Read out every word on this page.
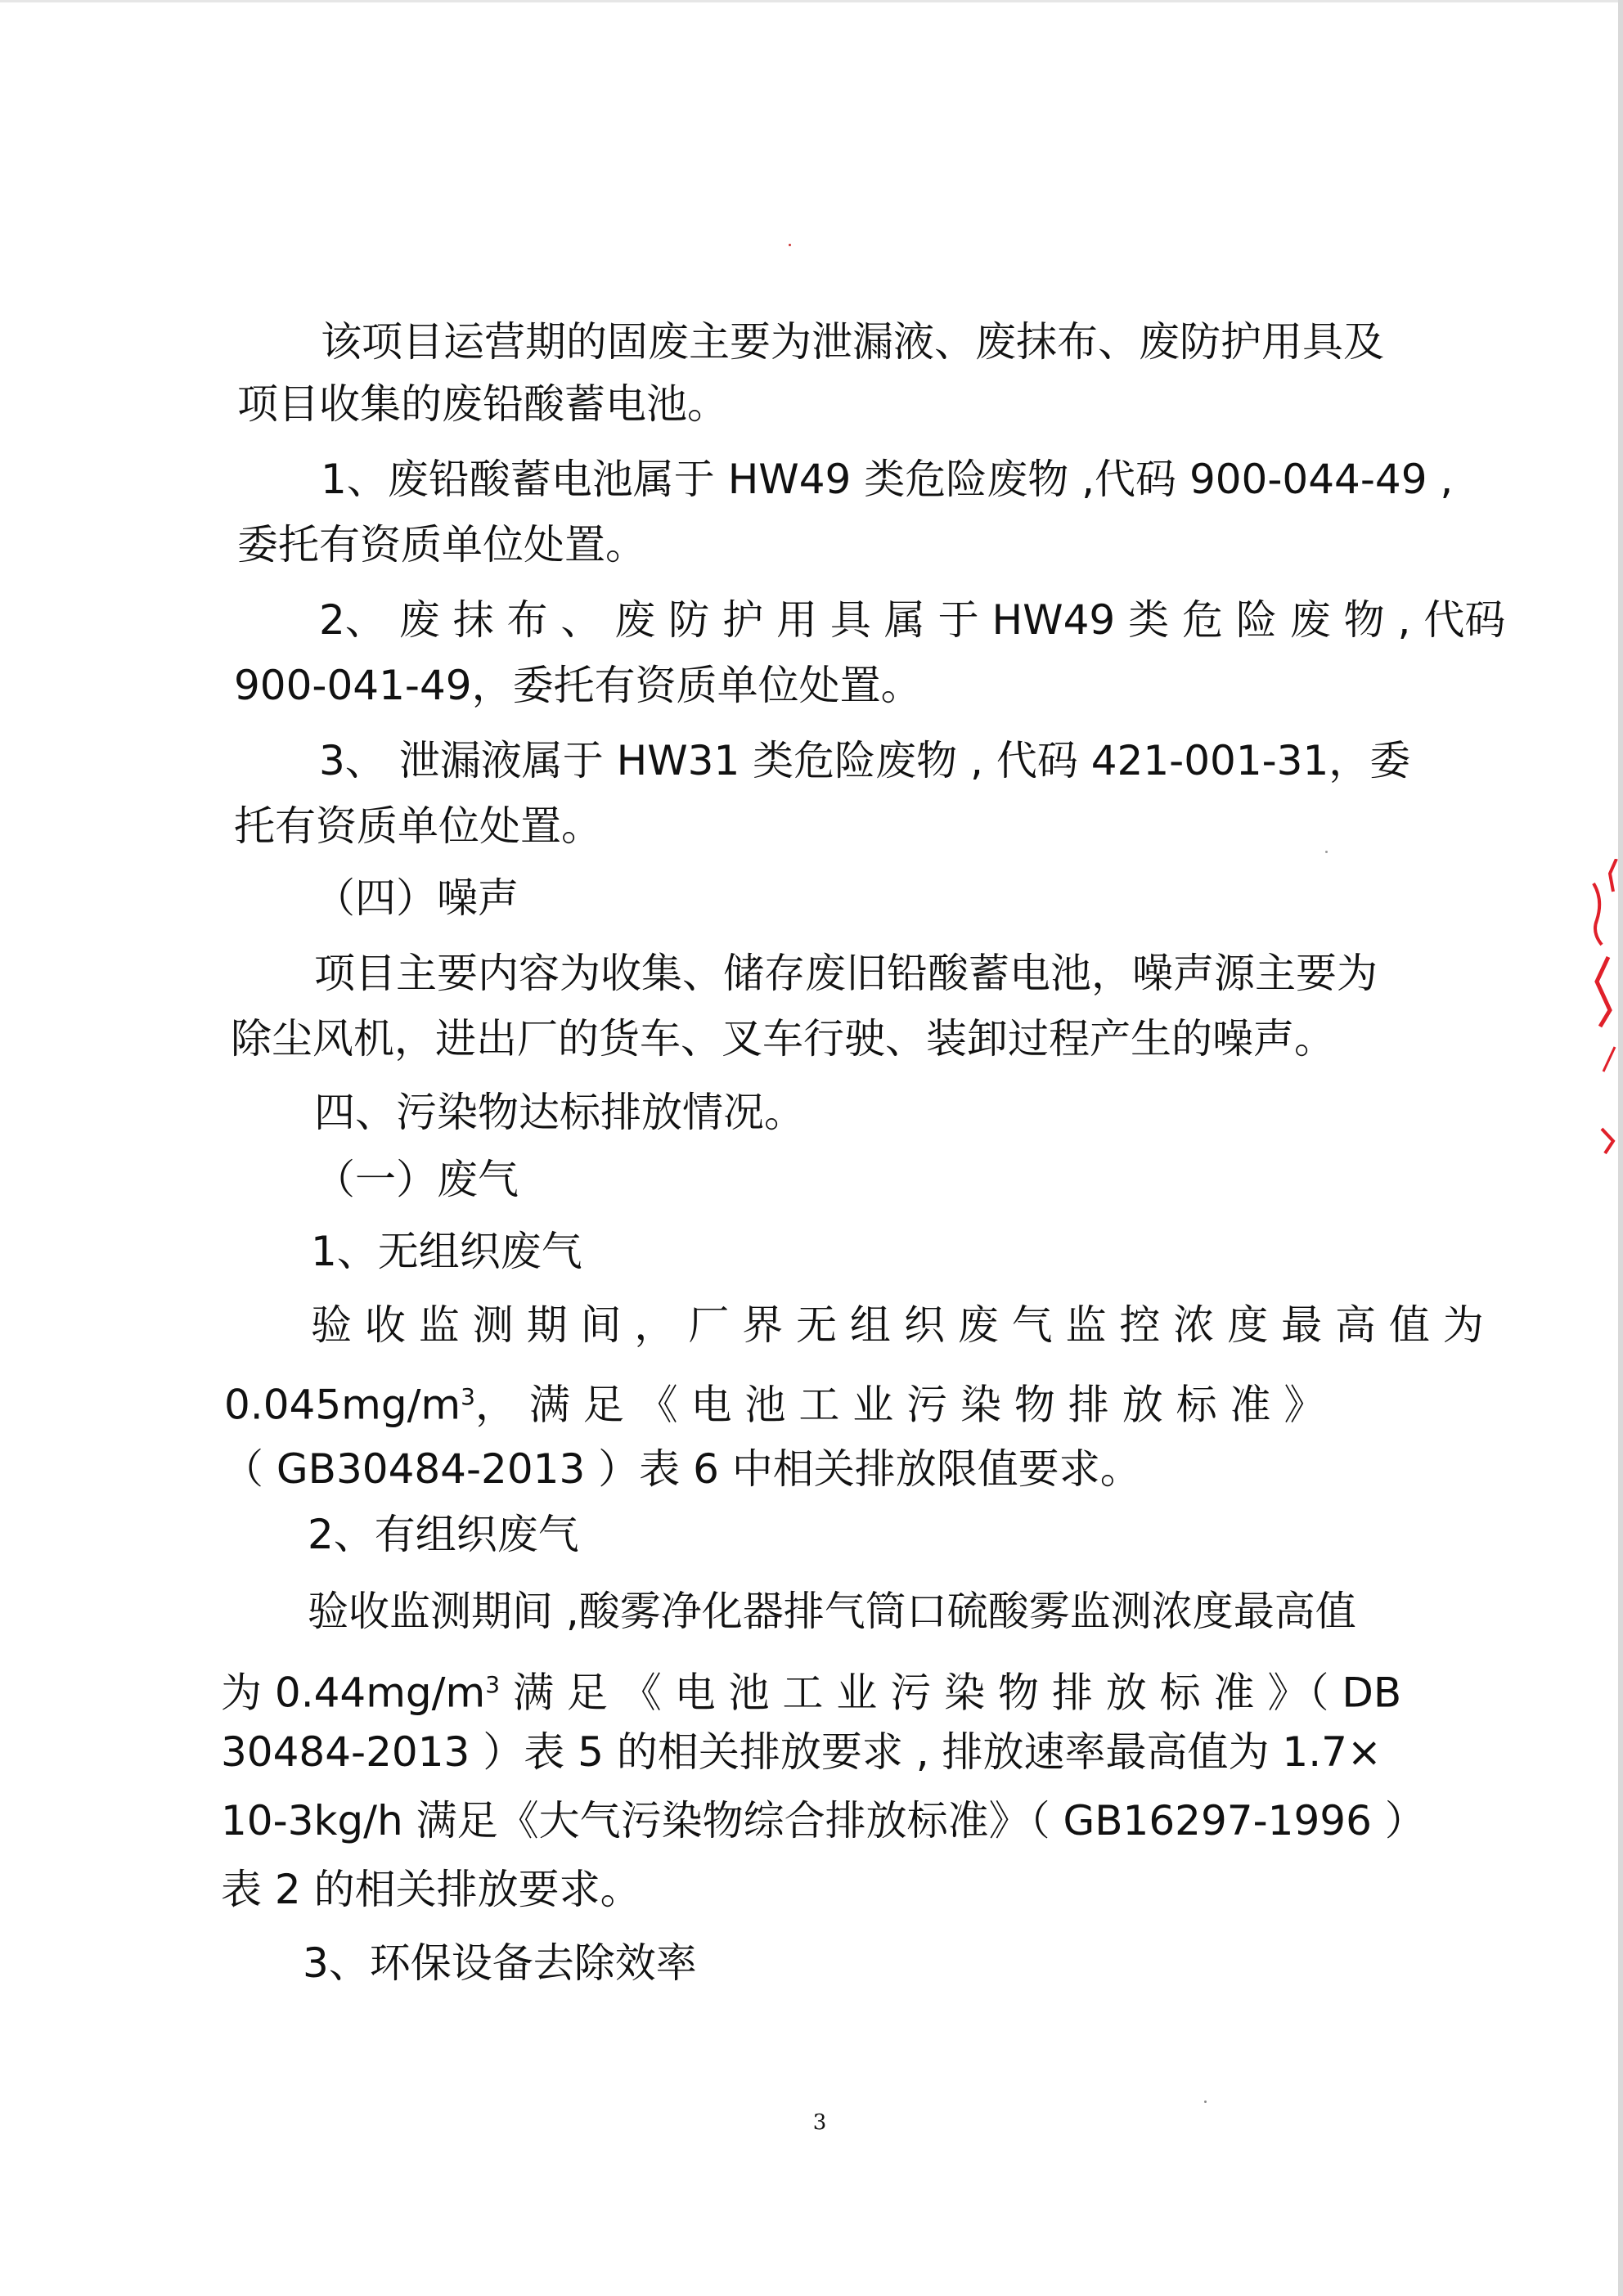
该项目运营期的固废主要为泄漏液、废抹布、废防护用具及

项目收集的废铅酸蓄电池。

1、废铅酸蓄电池属于 HW49 类危险废物 ,代码 900-044-49 ,

委托有资质单位处置。

2、 废 抹 布 、 废 防 护 用 具 属 于 HW49 类 危 险 废 物 , 代码

900-041-49，委托有资质单位处置。

3、 泄漏液属于 HW31 类危险废物 , 代码 421-001-31，委

托有资质单位处置。

（四）噪声

项目主要内容为收集、储存废旧铅酸蓄电池，噪声源主要为

除尘风机，进出厂的货车、叉车行驶、装卸过程产生的噪声。

四、污染物达标排放情况。

（一）废气

1、无组织废气

验 收 监 测 期 间 ， 厂 界 无 组 织 废 气 监 控 浓 度 最 高 值 为

$0.045mg/m^3$， 满 足 《 电 池 工 业 污 染 物 排 放 标 准 》

（ GB30484-2013 ）表 6 中相关排放限值要求。

2、有组织废气

验收监测期间 ,酸雾净化器排气筒口硫酸雾监测浓度最高值

为 $0.44mg/m^3$ 满 足 《 电 池 工 业 污 染 物 排 放 标 准 》（ DB

30484-2013 ）表 5 的相关排放要求 , 排放速率最高值为 1.7×

10-3kg/h 满足《大气污染物综合排放标准》（ GB16297-1996 ）

表 2 的相关排放要求。

3、环保设备去除效率

3
